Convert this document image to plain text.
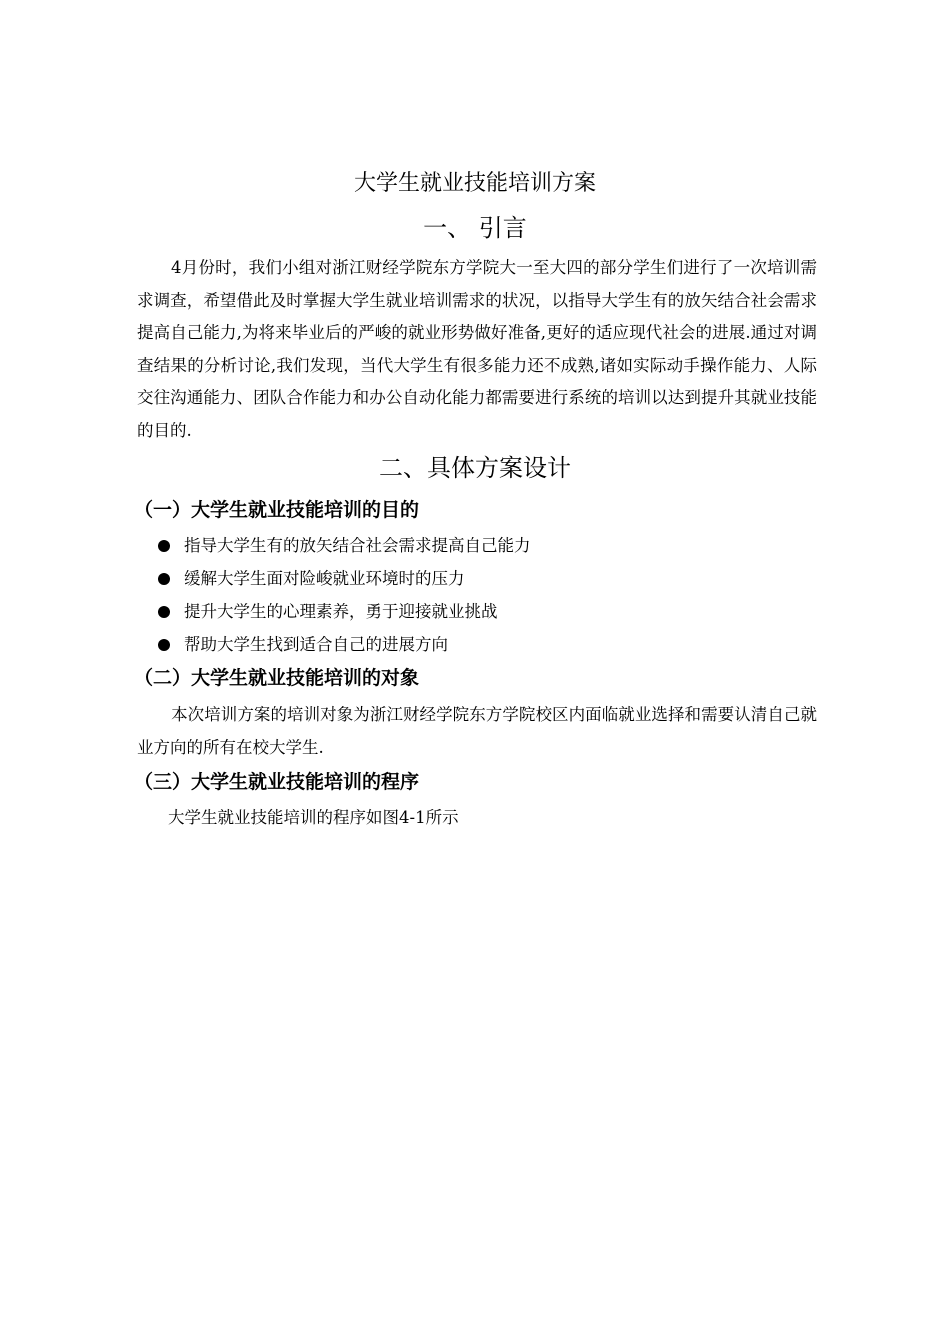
大学生就业技能培训方案
一、 引言

4月份时，我们小组对浙江财经学院东方学院大一至大四的部分学生们进行了一次培训需求调查，希望借此及时掌握大学生就业培训需求的状况，以指导大学生有的放矢结合社会需求提高自己能力,为将来毕业后的严峻的就业形势做好准备,更好的适应现代社会的进展.通过对调查结果的分析讨论,我们发现，当代大学生有很多能力还不成熟,诸如实际动手操作能力、人际交往沟通能力、团队合作能力和办公自动化能力都需要进行系统的培训以达到提升其就业技能的目的.

二、具体方案设计
（一）大学生就业技能培训的目的
指导大学生有的放矢结合社会需求提高自己能力
缓解大学生面对险峻就业环境时的压力
提升大学生的心理素养，勇于迎接就业挑战
帮助大学生找到适合自己的进展方向
（二）大学生就业技能培训的对象

本次培训方案的培训对象为浙江财经学院东方学院校区内面临就业选择和需要认清自己就业方向的所有在校大学生.

（三）大学生就业技能培训的程序
大学生就业技能培训的程序如图4-1所示
